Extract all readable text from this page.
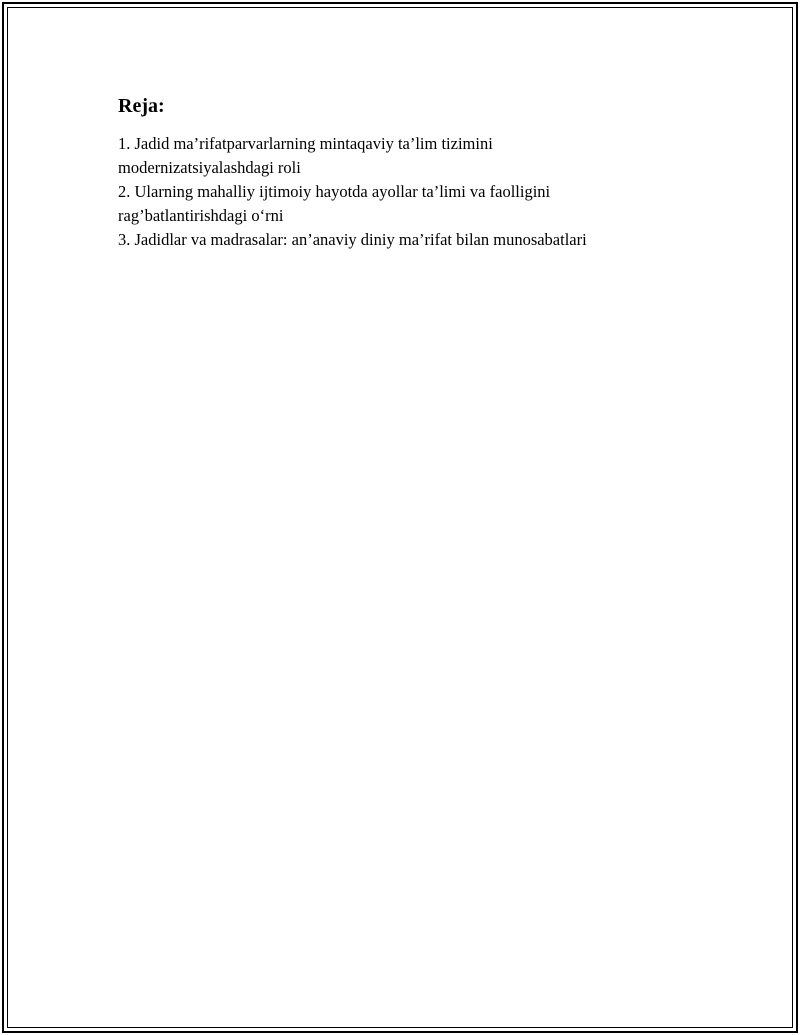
Reja:
1. Jadid ma’rifatparvarlarning mintaqaviy ta’lim tizimini
modernizatsiyalashdagi roli
2. Ularning mahalliy ijtimoiy hayotda ayollar ta’limi va faolligini
rag’batlantirishdagi o‘rni
3. Jadidlar va madrasalar: an’anaviy diniy ma’rifat bilan munosabatlari
